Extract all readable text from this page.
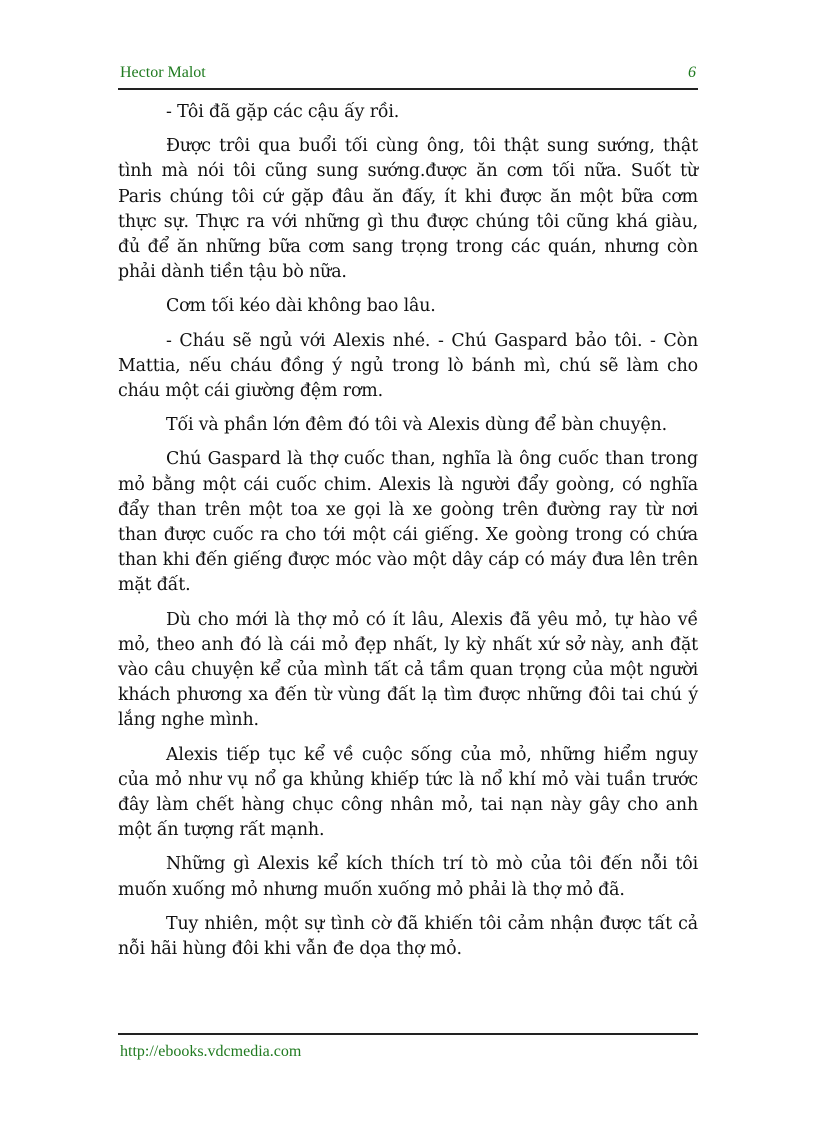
Hector Malot	6

- Tôi đã gặp các cậu ấy rồi.

Được trôi qua buổi tối cùng ông, tôi thật sung sướng, thật tình mà nói tôi cũng sung sướng.được ăn cơm tối nữa. Suốt từ Paris chúng tôi cứ gặp đâu ăn đấy, ít khi được ăn một bữa cơm thực sự. Thực ra với những gì thu được chúng tôi cũng khá giàu, đủ để ăn những bữa cơm sang trọng trong các quán, nhưng còn phải dành tiền tậu bò nữa.

Cơm tối kéo dài không bao lâu.

- Cháu sẽ ngủ với Alexis nhé. - Chú Gaspard bảo tôi. - Còn Mattia, nếu cháu đồng ý ngủ trong lò bánh mì, chú sẽ làm cho cháu một cái giường đệm rơm.

Tối và phần lớn đêm đó tôi và Alexis dùng để bàn chuyện.

Chú Gaspard là thợ cuốc than, nghĩa là ông cuốc than trong mỏ bằng một cái cuốc chim. Alexis là người đẩy goòng, có nghĩa đẩy than trên một toa xe gọi là xe goòng trên đường ray từ nơi than được cuốc ra cho tới một cái giếng. Xe goòng trong có chứa than khi đến giếng được móc vào một dây cáp có máy đưa lên trên mặt đất.

Dù cho mới là thợ mỏ có ít lâu, Alexis đã yêu mỏ, tự hào về mỏ, theo anh đó là cái mỏ đẹp nhất, ly kỳ nhất xứ sở này, anh đặt vào câu chuyện kể của mình tất cả tầm quan trọng của một người khách phương xa đến từ vùng đất lạ tìm được những đôi tai chú ý lắng nghe mình.

Alexis tiếp tục kể về cuộc sống của mỏ, những hiểm nguy của mỏ như vụ nổ ga khủng khiếp tức là nổ khí mỏ vài tuần trước đây làm chết hàng chục công nhân mỏ, tai nạn này gây cho anh một ấn tượng rất mạnh.

Những gì Alexis kể kích thích trí tò mò của tôi đến nỗi tôi muốn xuống mỏ nhưng muốn xuống mỏ phải là thợ mỏ đã.

Tuy nhiên, một sự tình cờ đã khiến tôi cảm nhận được tất cả nỗi hãi hùng đôi khi vẫn đe dọa thợ mỏ.

http://ebooks.vdcmedia.com
